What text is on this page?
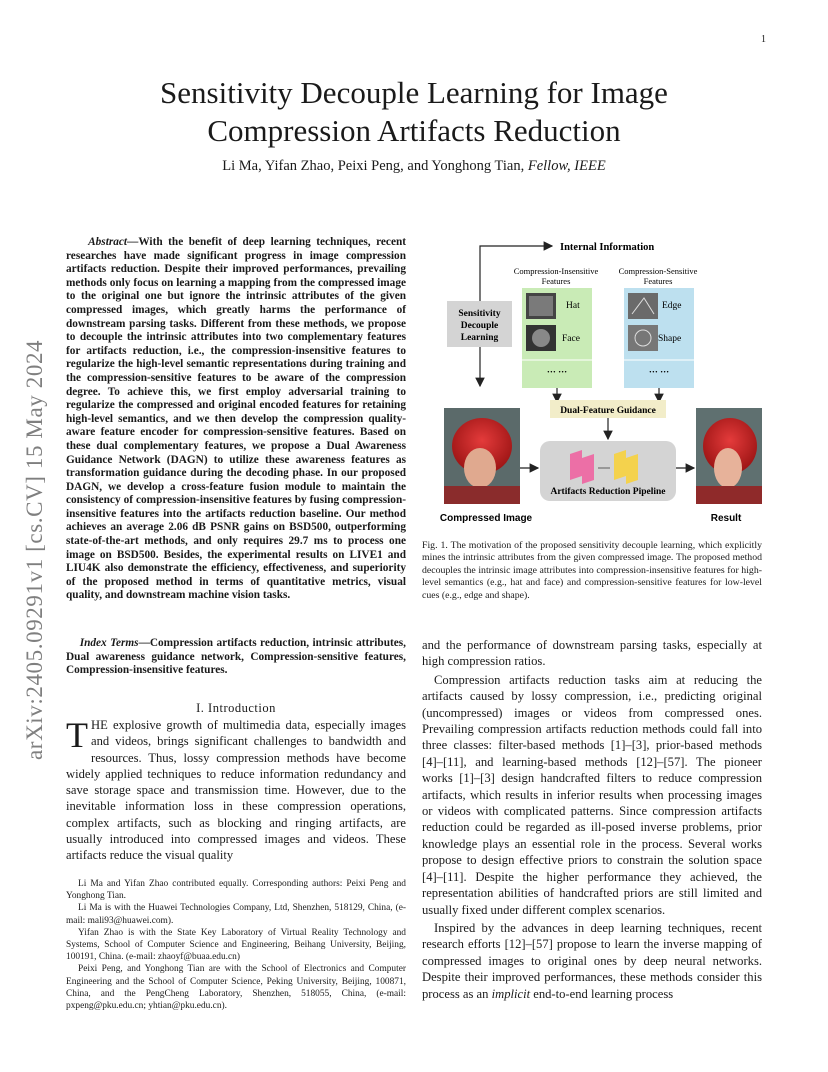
1
arXiv:2405.09291v1 [cs.CV] 15 May 2024
Sensitivity Decouple Learning for Image
Compression Artifacts Reduction
Li Ma, Yifan Zhao, Peixi Peng, and Yonghong Tian, Fellow, IEEE
Abstract—With the benefit of deep learning techniques, recent researches have made significant progress in image compression artifacts reduction. Despite their improved performances, prevailing methods only focus on learning a mapping from the compressed image to the original one but ignore the intrinsic attributes of the given compressed images, which greatly harms the performance of downstream parsing tasks. Different from these methods, we propose to decouple the intrinsic attributes into two complementary features for artifacts reduction, i.e., the compression-insensitive features to regularize the high-level semantic representations during training and the compression-sensitive features to be aware of the compression degree. To achieve this, we first employ adversarial training to regularize the compressed and original encoded features for retaining high-level semantics, and we then develop the compression quality-aware feature encoder for compression-sensitive features. Based on these dual complementary features, we propose a Dual Awareness Guidance Network (DAGN) to utilize these awareness features as transformation guidance during the decoding phase. In our proposed DAGN, we develop a cross-feature fusion module to maintain the consistency of compression-insensitive features by fusing compression-insensitive features into the artifacts reduction baseline. Our method achieves an average 2.06 dB PSNR gains on BSD500, outperforming state-of-the-art methods, and only requires 29.7 ms to process one image on BSD500. Besides, the experimental results on LIVE1 and LIU4K also demonstrate the efficiency, effectiveness, and superiority of the proposed method in terms of quantitative metrics, visual quality, and downstream machine vision tasks.
Index Terms—Compression artifacts reduction, intrinsic attributes, Dual awareness guidance network, Compression-sensitive features, Compression-insensitive features.
I. Introduction
THE explosive growth of multimedia data, especially images and videos, brings significant challenges to bandwidth and resources. Thus, lossy compression methods have become widely applied techniques to reduce information redundancy and save storage space and transmission time. However, due to the inevitable information loss in these compression operations, complex artifacts, such as blocking and ringing artifacts, are usually introduced into compressed images and videos. These artifacts reduce the visual quality

Li Ma and Yifan Zhao contributed equally. Corresponding authors: Peixi Peng and Yonghong Tian.

Li Ma is with the Huawei Technologies Company, Ltd, Shenzhen, 518129, China, (e-mail: mali93@huawei.com).

Yifan Zhao is with the State Key Laboratory of Virtual Reality Technology and Systems, School of Computer Science and Engineering, Beihang University, Beijing, 100191, China. (e-mail: zhaoyf@buaa.edu.cn)

Peixi Peng, and Yonghong Tian are with the School of Electronics and Computer Engineering and the School of Computer Science, Peking University, Beijing, 100871, China, and the PengCheng Laboratory, Shenzhen, 518055, China, (e-mail: pxpeng@pku.edu.cn; yhtian@pku.edu.cn).

and the performance of downstream parsing tasks, especially at high compression ratios.

Compression artifacts reduction tasks aim at reducing the artifacts caused by lossy compression, i.e., predicting original (uncompressed) images or videos from compressed ones. Prevailing compression artifacts reduction methods could fall into three classes: filter-based methods [1]–[3], prior-based methods [4]–[11], and learning-based methods [12]–[57]. The pioneer works [1]–[3] design handcrafted filters to reduce compression artifacts, which results in inferior results when processing images or videos with complicated patterns. Since compression artifacts reduction could be regarded as ill-posed inverse problems, prior knowledge plays an essential role in the process. Several works propose to design effective priors to constrain the solution space [4]–[11]. Despite the higher performance they achieved, the representation abilities of handcrafted priors are still limited and usually fixed under different complex scenarios.

Inspired by the advances in deep learning techniques, recent research efforts [12]–[57] propose to learn the inverse mapping of compressed images to original ones by deep neural networks. Despite their improved performances, these methods consider this process as an implicit end-to-end learning process

Fig. 1. The motivation of the proposed sensitivity decouple learning, which explicitly mines the intrinsic attributes from the given compressed image. The proposed method decouples the intrinsic image attributes into compression-insensitive features for high-level semantics (e.g., hat and face) and compression-sensitive features for low-level cues (e.g., edge and shape).
Internal Information
Compression-Insensitive
Features
Compression-Sensitive
Features
Sensitivity
Decouple
Learning
Hat
Face
··· ···
Edge
Shape
··· ···
Dual-Feature Guidance
Compressed Image
Artifacts Reduction Pipeline
Result
